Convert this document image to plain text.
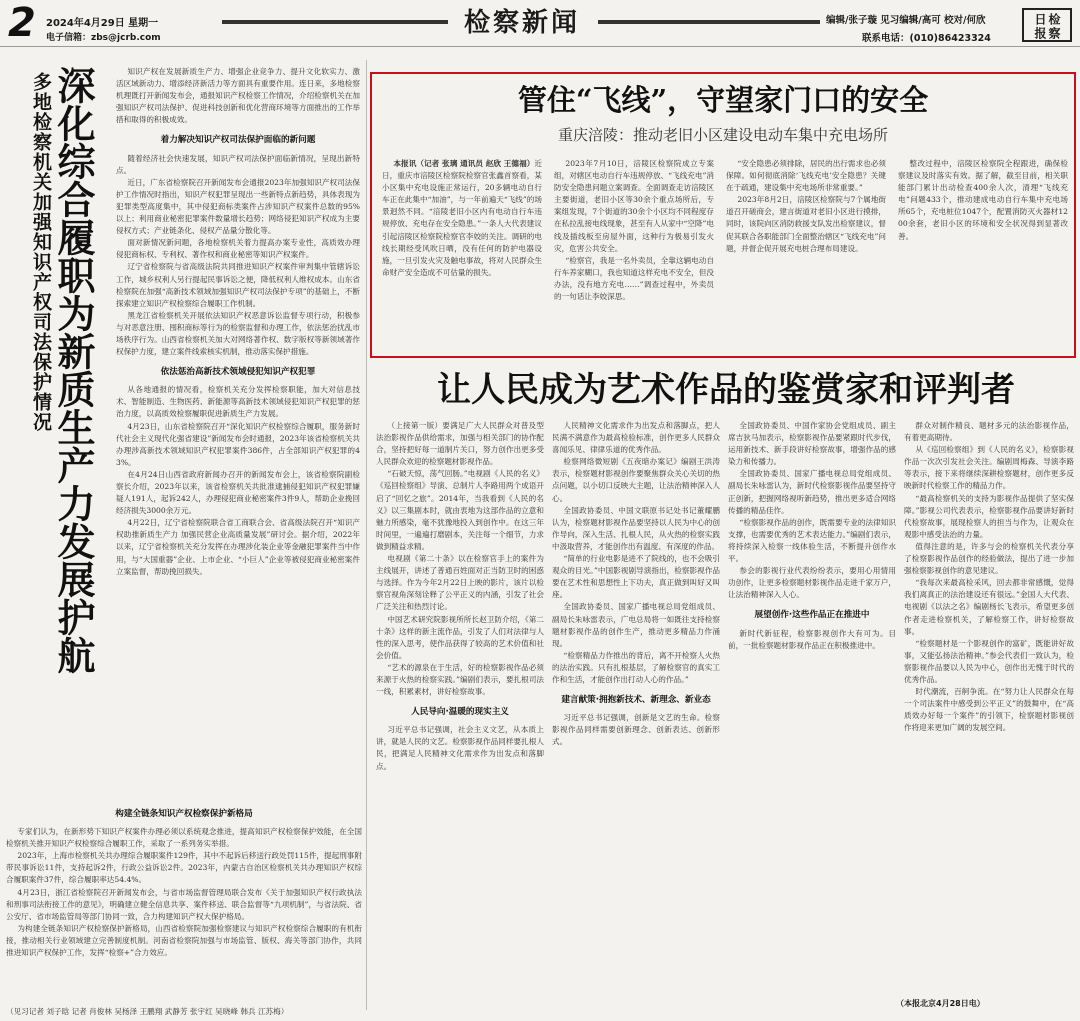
2 2024年4月29日 星期一
电子信箱：zbs@jcrb.com	检察新闻	编辑/张子璇 见习编辑/高可 校对/何欣
联系电话：(010)86423324	检察日报
多地检察机关加强知识产权司法保护情况 深化综合履职为新质生产力发展护航	知识产权在发展新质生产力、增强企业竞争力、提升文化软实力、激活区域新动力、增添经济新活力等方面具有重要作用。连日来，多地检察机理既打开新闻发布会，通报知识产权检察工作情况，介绍检察机关在加强知识产权司法保护、促进科技创新和优化营商环境等方面推出的工作举措和取得的积极成效。

着力解决知识产权司法保护面临的新问题

随着经济社会快速发展，知识产权司法保护面临新情况，呈现出新特点。

近日，广东省检察院召开新闻发布会通报2023年加强知识产权司法保护工作情况时指出，知识产权犯罪呈现出一些新特点新趋势，具体表现为犯罪类型高度集中，其中侵犯商标类案件占涉知识产权案件总数的95%以上；利用商业秘密犯罪案件数量增长趋势；网络侵犯知识产权成为主要侵权方式；产业链条化、侵权产品量分散化等。

面对新情况新问题，各地检察机关着力提高办案专业性，高质效办理侵犯商标权、专利权、著作权和商业秘密等知识产权案件。

辽宁省检察院与省高级法院共同推进知识产权案件审判集中管辖诉讼工作，城乡权利人另行提起民事诉讼之便，降低权利人维权成本。山东省检察院在加强“高新技术领域加强知识产权司法保护专项”的基础上，不断探索建立知识产权检察综合履职工作机制。

黑龙江省检察机关开展依法知识产权恶意诉讼监督专项行动，积极参与对恶意注册、囤积商标等行为的检察监督和办理工作，依法惩治扰乱市场秩序行为。山西省检察机关加大对网络著作权、数字版权等新领域著作权保护力度，建立案件线索核实机制，推动落实保护措施。

依法惩治高新技术领域侵犯知识产权犯罪

从各地通报的情况看，检察机关充分发挥检察职能，加大对信息技术、智能制造、生物医药、新能源等高新技术领域侵犯知识产权犯罪的惩治力度，以高质效检察履职促进新质生产力发展。

4月23日，山东省检察院召开“深化知识产权检察综合履职，服务新时代社会主义现代化强省建设”新闻发布会时通报，2023年该省检察机关共办理涉高新技术领域知识产权犯罪案件386件，占全部知识产权犯罪的43%。

在4月24日山西省政府新闻办召开的新闻发布会上，该省检察院副检察长介绍，2023年以来，该省检察机关共批准逮捕侵犯知识产权犯罪嫌疑人191人，起诉242人，办理侵犯商业秘密案件3件9人，帮助企业挽回经济损失3000余万元。

4月22日，辽宁省检察院联合省工商联合会、省高级法院召开“知识产权助推新质生产力 加强民营企业高质量发展”研讨会。据介绍，2022年以来，辽宁省检察机关充分发挥在办理涉化装企业等金融犯罪案件当中作用，与“大国重器”企业、上市企业、“小巨人”企业等被侵犯商业秘密案件立案监督，帮助挽回损失。

构建全链条知识产权检察保护新格局

专家们认为，在新形势下知识产权案件办理必须以系统观念推进，提高知识产权检察保护效能，在全国检察机关推开知识产权检察综合履职工作，采取了一系列务实举措。

2023年，上海市检察机关共办理综合履职案件129件，其中不起诉后移送行政处罚115件，提起刑事附带民事诉讼11件，支持起诉2件，行政公益诉讼2件。2023年，内蒙古自治区检察机关共办理知识产权综合履职案件37件，综合履职率达54.4%。

4月23日，浙江省检察院召开新闻发布会，与省市场监督管理局联合发布《关于加强知识产权行政执法和刑事司法衔接工作的意见》，明确建立健全信息共享、案件移送、联合监督等“九项机制”，与省法院、省公安厅、省市场监管局等部门协同一致，合力构建知识产权大保护格局。

为构建全链条知识产权检察保护新格局，山西省检察院加强检察建议与知识产权检察综合履职的有机衔接，推动相关行业领域建立完善制度机制。河南省检察院加强与市场监管、版权、海关等部门协作，共同推进知识产权保护工作，发挥“检察+”合力效应。

（见习记者 刘子晗 记者 肖俊林 吴杨泽 王鹏翔 武静芳 张宇红 吴晓峰 韩兵 江苏梅）
管住“飞线”，守望家门口的安全
重庆涪陵：推动老旧小区建设电动车集中充电场所

本报讯（记者 张璃 通讯员 赵欣 王德福）近日，重庆市涪陵区检察院检察官张鑫首察看，某小区集中充电设施正常运行，20多辆电动自行车正在此集中“加油”，与一年前遍天“飞线”的场景迥然不同。“涪陵老旧小区内有电动自行车违规停放、充电存在安全隐患。”一条人大代表建议引起涪陵区检察院检察官李姣的关注。调研的电线长期经受风吹日晒，没有任何的防护电器设施，一旦引发火灾及触电事故，将对人民群众生命财产安全造成不可估量的损失。

2023年7月10日，涪陵区检察院成立专案组，对辖区电动自行车违规停放、“飞线充电”消防安全隐患问题立案调查。全面调查走访涪陵区主要街道，老旧小区等30余个重点场所后，专案组发现，7个街道的30余个小区均不同程度存在私拉乱接电线现象，甚至有人从家中“空降”电线及插线板至房屋外面，这种行为极易引发火灾，危害公共安全。

“检察官，我是一名外卖员，全靠这辆电动自行车养家糊口，我也知道这样充电不安全，但没办法，没有地方充电……”调查过程中，外卖员的一句话让李姣深思。

“安全隐患必须排除，居民的出行需求也必须保障。如何彻底消除‘飞线充电’安全隐患？关键在于疏通，建设集中充电场所非常重要。”

2023年8月2日，涪陵区检察院与7个属地街道召开磋商会，建言街道对老旧小区进行摸排，同时，该院向区消防救援支队发出检察建议，督促其联合各职能部门全面整治辖区“飞线充电”问题，并督企促开展充电桩合理布局建设。

整改过程中，涪陵区检察院全程跟进，确保检察建议及时落实有效。据了解，截至目前，相关职能部门累计出动检查400余人次，清理“飞线充电”问题433个，推动建成电动自行车集中充电场所65个，充电桩位1047个，配置消防灭火器材1200余套，老旧小区的环境和安全状况得到显著改善。

让人民成为艺术作品的鉴赏家和评判者

（上接第一版）要满足广大人民群众对普及型法治影视作品供给需求，加强与相关部门的协作配合，坚持把好每一道制片关口，努力创作出更多受人民群众欢迎的检察题材影视作品。

“石破天惊，荡气回肠。”电视剧《人民的名义》《巡回检察组》导演、总制片人李路用两个成语开启了“回忆之旅”。2014年，当我看到《人民的名义》以三集剧本时，就由衷地为这部作品的立意和魅力所感染，毫不犹豫地投入到创作中。在这三年时间里，一遍遍打磨剧本，关注每一个细节，力求做到精益求精。

电视剧《第二十条》以在检察官手上的案件为主线展开，讲述了普通百姓面对正当防卫时的困惑与选择。作为今年2月22日上映的影片，该片以检察官视角深刻诠释了公平正义的内涵，引发了社会广泛关注和热烈讨论。

中国艺术研究院影视所所长赵卫防介绍，《第二十条》这样的新主流作品，引发了人们对法律与人性的深入思考，使作品获得了较高的艺术价值和社会价值。

“艺术的源泉在于生活，好的检察影视作品必须来源于火热的检察实践。”编剧们表示，要扎根司法一线，积累素材，讲好检察故事。

人民导向·温暖的现实主义

习近平总书记强调，社会主义文艺，从本质上讲，就是人民的文艺。检察影视作品同样要扎根人民，把满足人民精神文化需求作为出发点和落脚点。

人民精神文化需求作为出发点和落脚点，把人民满不满意作为最高检验标准，创作更多人民群众喜闻乐见、律律乐道的优秀作品。

检察网络微短剧《五夜暗办案记》编剧王洪涛表示，检察题材影视创作要聚焦群众关心关切的热点问题，以小切口反映大主题，让法治精神深入人心。

全国政协委员、中国文联原书记处书记董耀鹏认为，检察题材影视作品要坚持以人民为中心的创作导向，深入生活、扎根人民，从火热的检察实践中汲取营养，才能创作出有温度、有深度的作品。

“简单的行业电影是进不了院线的，也不会吸引观众的目光。”中国影视剧导演指出，检察影视作品要在艺术性和思想性上下功夫，真正做到叫好又叫座。

全国政协委员、国家广播电视总局党组成员、副局长朱咏雷表示，广电总局将一如既往支持检察题材影视作品的创作生产，推动更多精品力作涌现。

“检察精品力作推出的背后，离不开检察人火热的法治实践。只有扎根基层，了解检察官的真实工作和生活，才能创作出打动人心的作品。”

建言献策·拥抱新技术、新理念、新业态

习近平总书记强调，创新是文艺的生命。检察影视作品同样需要创新理念、创新表达、创新形式。

全国政协委员、中国作家协会党组成员、副主席吉狄马加表示，检察影视作品要紧跟时代步伐，运用新技术、新手段讲好检察故事，增强作品的感染力和传播力。

全国政协委员、国家广播电视总局党组成员、副局长朱咏雷认为，新时代检察影视作品要坚持守正创新，把握网络视听新趋势，推出更多适合网络传播的精品佳作。

“检察影视作品的创作，既需要专业的法律知识支撑，也需要优秀的艺术表达能力。”编剧们表示，将持续深入检察一线体验生活，不断提升创作水平。

参会的影视行业代表纷纷表示，要用心用情用功创作，让更多检察题材影视作品走进千家万户，让法治精神深入人心。

展望创作·这些作品正在推进中

新时代新征程，检察影视创作大有可为。目前，一批检察题材影视作品正在积极推进中。

群众对制作精良、题材多元的法治影视作品，有着更高期待。

从《巡回检察组》到《人民的名义》，检察影视作品一次次引发社会关注。编剧周梅森、导演李路等表示，接下来将继续深耕检察题材，创作更多反映新时代检察工作的精品力作。

“最高检察机关的支持为影视作品提供了坚实保障。”影视公司代表表示，检察影视作品要讲好新时代检察故事，展现检察人的担当与作为，让观众在观影中感受法治的力量。

值得注意的是，许多与会的检察机关代表分享了检察影视作品创作的经验做法，提出了进一步加强检察影视创作的意见建议。

“我每次来最高检采风，回去都非常感慨，觉得我们离真正的法治建设还有很远。”金国人大代表、电视剧《以法之名》编剧杨长飞表示，希望更多创作者走进检察机关，了解检察工作，讲好检察故事。

“检察题材是一个影视创作的富矿，既能讲好故事，又能弘扬法治精神。”参会代表们一致认为，检察影视作品要以人民为中心，创作出无愧于时代的优秀作品。

时代潮流，百舸争流。在“努力让人民群众在每一个司法案件中感受到公平正义”的鼓舞中，在“高质效办好每一个案件”的引领下，检察题材影视创作将迎来更加广阔的发展空间。

（本报北京4月28日电）
